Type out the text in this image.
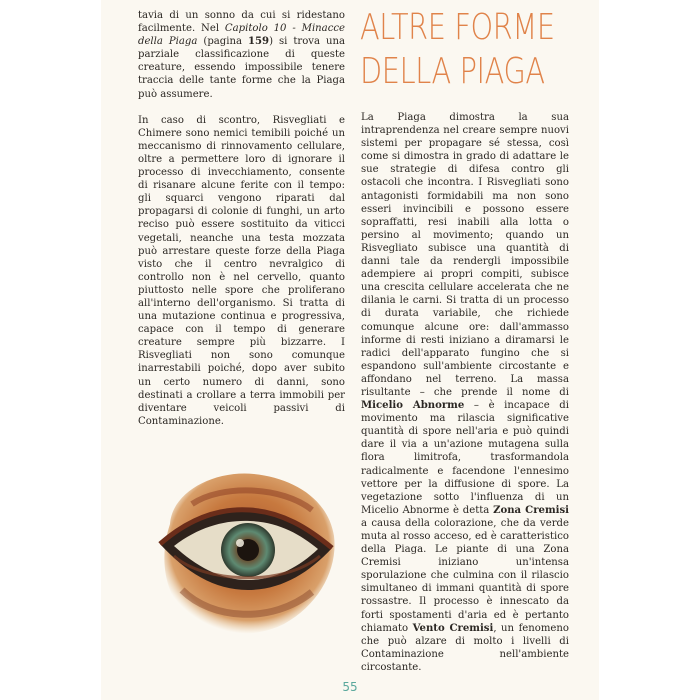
ALTRE FORME
DELLA PIAGA

tavia di un sonno da cui si ridestano facilmente. Nel Capitolo 10 - Minacce della Piaga (pagina 159) si trova una parziale classificazione di queste creature, essendo impossibile tenere traccia delle tante forme che la Piaga può assumere.

In caso di scontro, Risvegliati e Chimere sono nemici temibili poiché un meccanismo di rinnovamento cellulare, oltre a permettere loro di ignorare il processo di invecchiamento, consente di risanare alcune ferite con il tempo: gli squarci vengono riparati dal propagarsi di colonie di funghi, un arto reciso può essere sostituito da viticci vegetali, neanche una testa mozzata può arrestare queste forze della Piaga visto che il centro nevralgico di controllo non è nel cervello, quanto piuttosto nelle spore che proliferano all'interno dell'organismo. Si tratta di una mutazione continua e progressiva, capace con il tempo di generare creature sempre più bizzarre. I Risvegliati non sono comunque inarrestabili poiché, dopo aver subito un certo numero di danni, sono destinati a crollare a terra immobili per diventare veicoli passivi di Contaminazione.

La Piaga dimostra la sua intraprendenza nel creare sempre nuovi sistemi per propagare sé stessa, così come si dimostra in grado di adattare le sue strategie di difesa contro gli ostacoli che incontra. I Risvegliati sono antagonisti formidabili ma non sono esseri invincibili e possono essere sopraffatti, resi inabili alla lotta o persino al movimento; quando un Risvegliato subisce una quantità di danni tale da rendergli impossibile adempiere ai propri compiti, subisce una crescita cellulare accelerata che ne dilania le carni. Si tratta di un processo di durata variabile, che richiede comunque alcune ore: dall'ammasso informe di resti iniziano a diramarsi le radici dell'apparato fungino che si espandono sull'ambiente circostante e affondano nel terreno. La massa risultante – che prende il nome di Micelio Abnorme – è incapace di movimento ma rilascia significative quantità di spore nell'aria e può quindi dare il via a un'azione mutagena sulla flora limitrofa, trasformandola radicalmente e facendone l'ennesimo vettore per la diffusione di spore. La vegetazione sotto l'influenza di un Micelio Abnorme è detta Zona Cremisi a causa della colorazione, che da verde muta al rosso acceso, ed è caratteristico della Piaga. Le piante di una Zona Cremisi iniziano un'intensa sporulazione che culmina con il rilascio simultaneo di immani quantità di spore rossastre. Il processo è innescato da forti spostamenti d'aria ed è pertanto chiamato Vento Cremisi, un fenomeno che può alzare di molto i livelli di Contaminazione nell'ambiente circostante.

55
